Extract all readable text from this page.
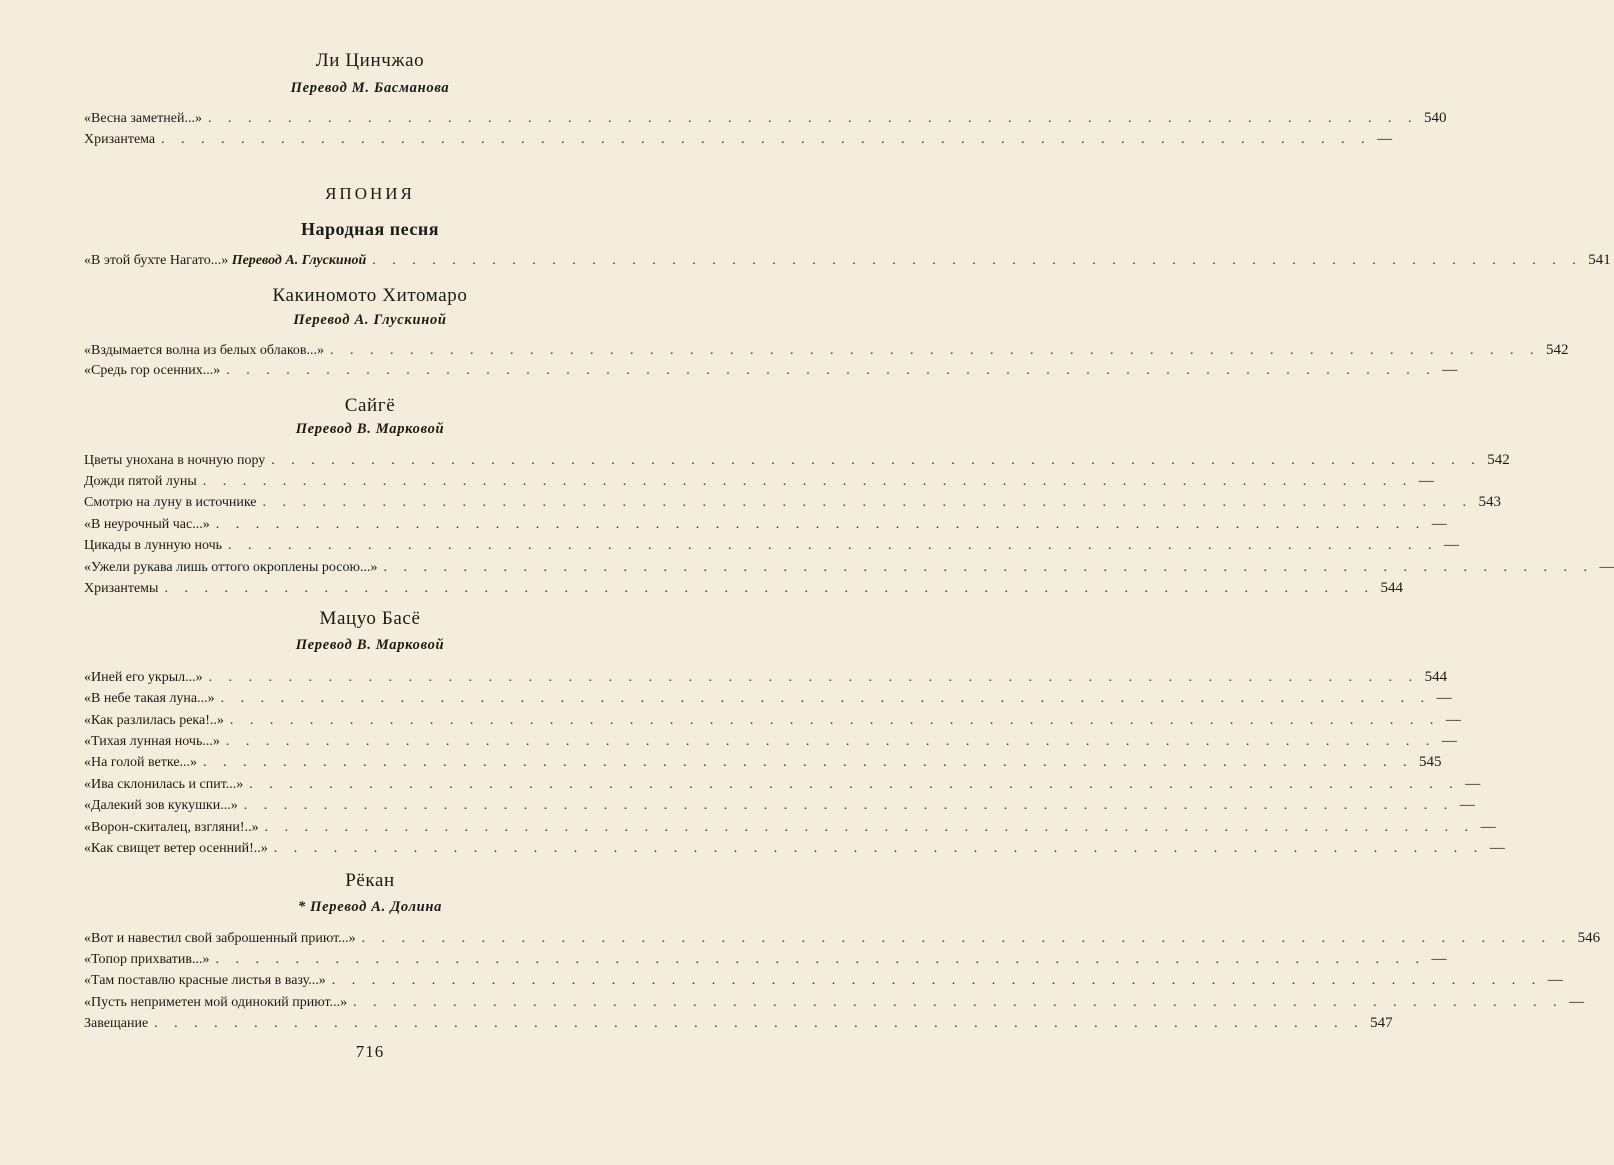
Ли Цинчжао
Перевод М. Басманова
«Весна заметней...» . . . . . . . . . . . . . . . . . . . . . . . . . . . . . . . . . . . . . . . . . . . . . . . . . . . . . . . . . . . . . 540
Хризантема . . . . . . . . . . . . . . . . . . . . . . . . . . . . . . . . . . . . . . . . . . . . . . . . . . . . . . . . . . . . . —
ЯПОНИЯ
Народная песня
«В этой бухте Нагато...» Перевод А. Глускиной . . . . . . . . . . . . . . . . . . . . . . . . . . . . . . . . . . . . . . . . . . . . . . . . . . . . . . . . . . . . . 541
Какиномото Хитомаро
Перевод А. Глускиной
«Вздымается волна из белых облаков...» . . . . . . . . . . . . . . . . . . . . . . . . . . . . . . . . . . . . . . . . . . . . . . . . . . . . . . . . . . . . . 542
«Средь гор осенних...» . . . . . . . . . . . . . . . . . . . . . . . . . . . . . . . . . . . . . . . . . . . . . . . . . . . . . . . . . . . . . —
Сайгё
Перевод В. Марковой
Цветы унохана в ночную пору . . . . . . . . . . . . . . . . . . . . . . . . . . . . . . . . . . . . . . . . . . . . . . . . . . . . . . . . . . . . . 542
Дожди пятой луны . . . . . . . . . . . . . . . . . . . . . . . . . . . . . . . . . . . . . . . . . . . . . . . . . . . . . . . . . . . . . —
Смотрю на луну в источнике . . . . . . . . . . . . . . . . . . . . . . . . . . . . . . . . . . . . . . . . . . . . . . . . . . . . . . . . . . . . . 543
«В неурочный час...» . . . . . . . . . . . . . . . . . . . . . . . . . . . . . . . . . . . . . . . . . . . . . . . . . . . . . . . . . . . . . —
Цикады в лунную ночь . . . . . . . . . . . . . . . . . . . . . . . . . . . . . . . . . . . . . . . . . . . . . . . . . . . . . . . . . . . . . —
«Ужели рукава лишь оттого окроплены росою...» . . . . . . . . . . . . . . . . . . . . . . . . . . . . . . . . . . . . . . . . . . . . . . . . . . . . . . . . . . . . . —
Хризантемы . . . . . . . . . . . . . . . . . . . . . . . . . . . . . . . . . . . . . . . . . . . . . . . . . . . . . . . . . . . . . 544
Мацуо Басё
Перевод В. Марковой
«Иней его укрыл...» . . . . . . . . . . . . . . . . . . . . . . . . . . . . . . . . . . . . . . . . . . . . . . . . . . . . . . . . . . . . . 544
«В небе такая луна...» . . . . . . . . . . . . . . . . . . . . . . . . . . . . . . . . . . . . . . . . . . . . . . . . . . . . . . . . . . . . . —
«Как разлилась река!..» . . . . . . . . . . . . . . . . . . . . . . . . . . . . . . . . . . . . . . . . . . . . . . . . . . . . . . . . . . . . . —
«Тихая лунная ночь...» . . . . . . . . . . . . . . . . . . . . . . . . . . . . . . . . . . . . . . . . . . . . . . . . . . . . . . . . . . . . . —
«На голой ветке...» . . . . . . . . . . . . . . . . . . . . . . . . . . . . . . . . . . . . . . . . . . . . . . . . . . . . . . . . . . . . . 545
«Ива склонилась и спит...» . . . . . . . . . . . . . . . . . . . . . . . . . . . . . . . . . . . . . . . . . . . . . . . . . . . . . . . . . . . . . —
«Далекий зов кукушки...» . . . . . . . . . . . . . . . . . . . . . . . . . . . . . . . . . . . . . . . . . . . . . . . . . . . . . . . . . . . . . —
«Ворон-скиталец, взгляни!..» . . . . . . . . . . . . . . . . . . . . . . . . . . . . . . . . . . . . . . . . . . . . . . . . . . . . . . . . . . . . . —
«Как свищет ветер осенний!..» . . . . . . . . . . . . . . . . . . . . . . . . . . . . . . . . . . . . . . . . . . . . . . . . . . . . . . . . . . . . . —
Рёкан
* Перевод А. Долина
«Вот и навестил свой заброшенный приют...» . . . . . . . . . . . . . . . . . . . . . . . . . . . . . . . . . . . . . . . . . . . . . . . . . . . . . . . . . . . . . 546
«Топор прихватив...» . . . . . . . . . . . . . . . . . . . . . . . . . . . . . . . . . . . . . . . . . . . . . . . . . . . . . . . . . . . . . —
«Там поставлю красные листья в вазу...» . . . . . . . . . . . . . . . . . . . . . . . . . . . . . . . . . . . . . . . . . . . . . . . . . . . . . . . . . . . . . —
«Пусть неприметен мой одинокий приют...» . . . . . . . . . . . . . . . . . . . . . . . . . . . . . . . . . . . . . . . . . . . . . . . . . . . . . . . . . . . . . —
Завещание . . . . . . . . . . . . . . . . . . . . . . . . . . . . . . . . . . . . . . . . . . . . . . . . . . . . . . . . . . . . . 547
716
